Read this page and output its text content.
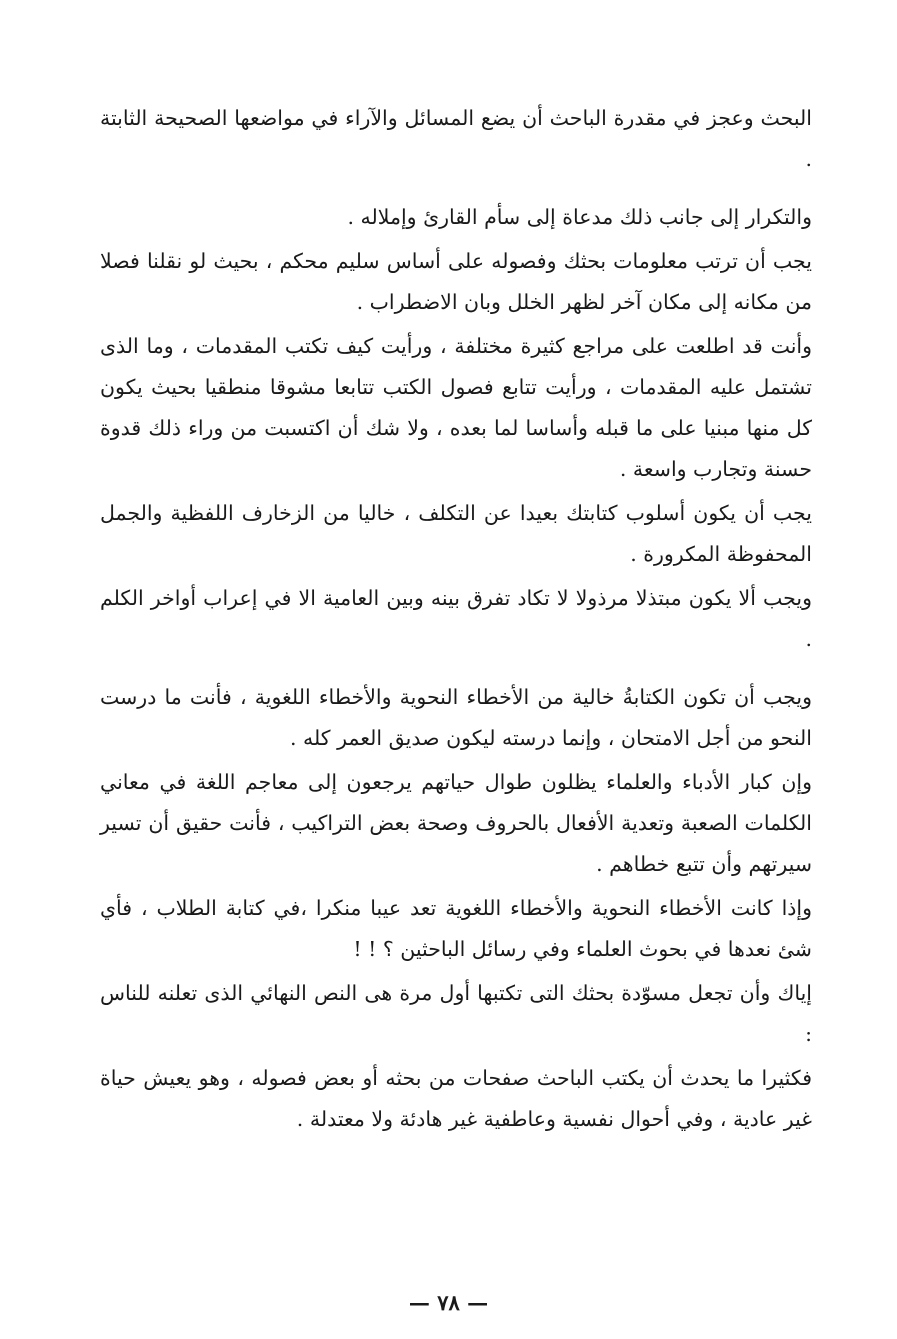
البحث وعجز في مقدرة الباحث أن يضع المسائل والآراء في مواضعها الصحيحة الثابتة .

والتكرار إلى جانب ذلك مدعاة إلى سأم القارئ وإملاله .

يجب أن ترتب معلومات بحثك وفصوله على أساس سليم محكم ، بحيث لو نقلنا فصلا من مكانه إلى مكان آخر لظهر الخلل وبان الاضطراب .

وأنت قد اطلعت على مراجع كثيرة مختلفة ، ورأيت كيف تكتب المقدمات ، وما الذى تشتمل عليه المقدمات ، ورأيت تتابع فصول الكتب تتابعا مشوقا منطقيا بحيث يكون كل منها مبنيا على ما قبله وأساسا لما بعده ، ولا شك أن اكتسبت من وراء ذلك قدوة حسنة وتجارب واسعة .

يجب أن يكون أسلوب كتابتك بعيدا عن التكلف ، خاليا من الزخارف اللفظية والجمل المحفوظة المكرورة .

ويجب ألا يكون مبتذلا مرذولا لا تكاد تفرق بينه وبين العامية الا في إعراب أواخر الكلم .

ويجب أن تكون الكتابةُ خالية من الأخطاء النحوية والأخطاء اللغوية ، فأنت ما درست النحو من أجل الامتحان ، وإنما درسته ليكون صديق العمر كله .

وإن كبار الأدباء والعلماء يظلون طوال حياتهم يرجعون إلى معاجم اللغة في معاني الكلمات الصعبة وتعدية الأفعال بالحروف وصحة بعض التراكيب ، فأنت حقيق أن تسير سيرتهم وأن تتبع خطاهم .

وإذا كانت الأخطاء النحوية والأخطاء اللغوية تعد عيبا منكرا ،في كتابة الطلاب ، فأي شئ نعدها في بحوث العلماء وفي رسائل الباحثين ؟ ! !

إياك وأن تجعل مسوّدة بحثك التى تكتبها أول مرة هى النص النهائي الذى تعلنه للناس :

فكثيرا ما يحدث أن يكتب الباحث صفحات من بحثه أو بعض فصوله ، وهو يعيش حياة غير عادية ، وفي أحوال نفسية وعاطفية غير هادئة ولا معتدلة .

— ٧٨ —
